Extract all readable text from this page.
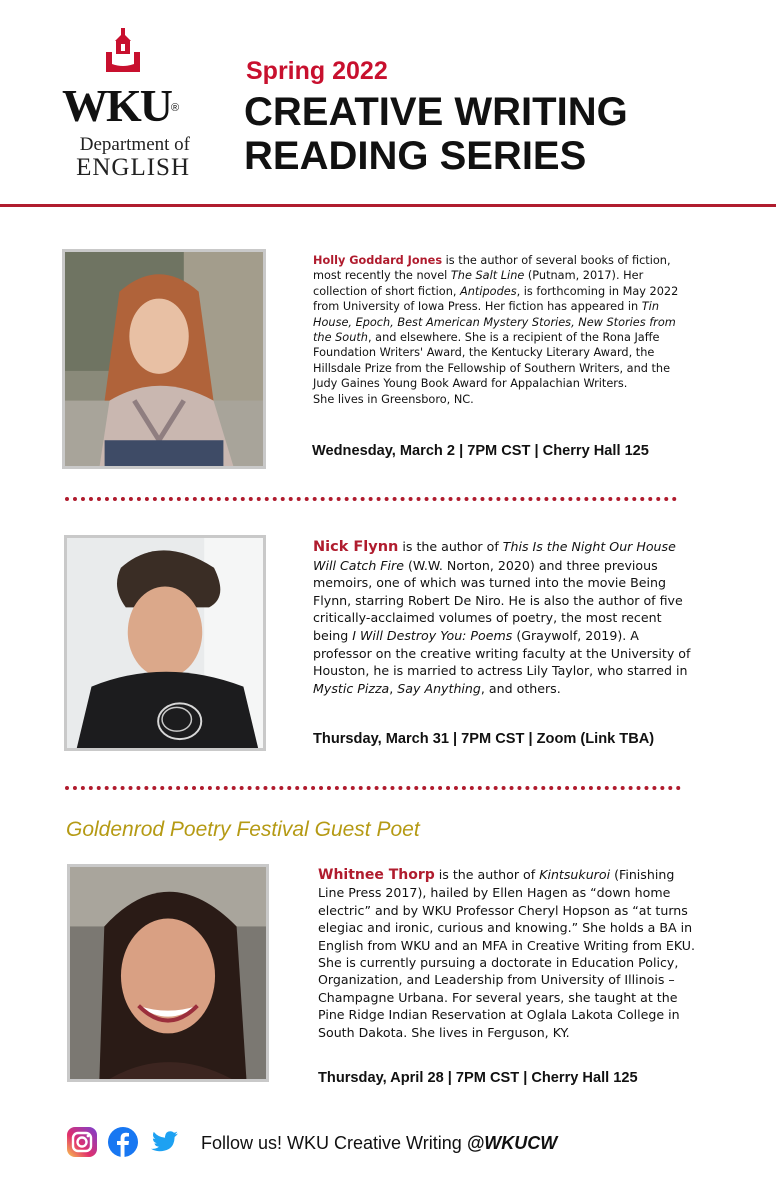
WKU®
Department of
ENGLISH
Spring 2022
CREATIVE WRITING
READING SERIES
Holly Goddard Jones is the author of several books of fiction, most recently the novel The Salt Line (Putnam, 2017). Her collection of short fiction, Antipodes, is forthcoming in May 2022 from University of Iowa Press. Her fiction has appeared in Tin House, Epoch, Best American Mystery Stories, New Stories from the South, and elsewhere. She is a recipient of the Rona Jaffe Foundation Writers' Award, the Kentucky Literary Award, the Hillsdale Prize from the Fellowship of Southern Writers, and the Judy Gaines Young Book Award for Appalachian Writers.
She lives in Greensboro, NC.
Wednesday, March 2 | 7PM CST | Cherry Hall 125
Nick Flynn is the author of This Is the Night Our House Will Catch Fire (W.W. Norton, 2020) and three previous memoirs, one of which was turned into the movie Being Flynn, starring Robert De Niro. He is also the author of five critically-acclaimed volumes of poetry, the most recent being I Will Destroy You: Poems (Graywolf, 2019). A professor on the creative writing faculty at the University of Houston, he is married to actress Lily Taylor, who starred in Mystic Pizza, Say Anything, and others.
Thursday, March 31 | 7PM CST | Zoom (Link TBA)
Goldenrod Poetry Festival Guest Poet
Whitnee Thorp is the author of Kintsukuroi (Finishing Line Press 2017), hailed by Ellen Hagen as “down home electric” and by WKU Professor Cheryl Hopson as “at turns elegiac and ironic, curious and knowing.” She holds a BA in English from WKU and an MFA in Creative Writing from EKU. She is currently pursuing a doctorate in Education Policy, Organization, and Leadership from University of Illinois – Champagne Urbana. For several years, she taught at the Pine Ridge Indian Reservation at Oglala Lakota College in South Dakota. She lives in Ferguson, KY.
Thursday, April 28 | 7PM CST | Cherry Hall 125
Follow us! WKU Creative Writing @WKUCW
